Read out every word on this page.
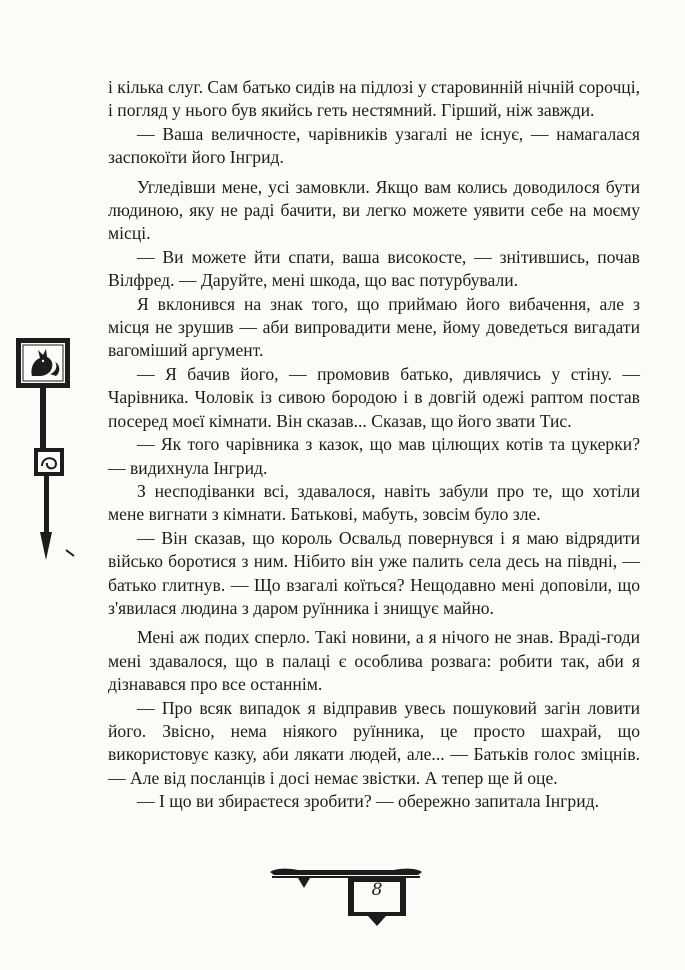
і кілька слуг. Сам батько сидів на підлозі у старовинній нічній сорочці, і погляд у нього був якийсь геть нестямний. Гірший, ніж завжди.

— Ваша величносте, чарівників узагалі не існує, — намагалася заспокоїти його Інгрид.

Угледівши мене, усі замовкли. Якщо вам колись доводилося бути людиною, яку не раді бачити, ви легко можете уявити себе на моєму місці.

— Ви можете йти спати, ваша високосте, — знітившись, почав Вілфред. — Даруйте, мені шкода, що вас потурбували.

Я вклонився на знак того, що приймаю його вибачення, але з місця не зрушив — аби випровадити мене, йому доведеться вигадати вагоміший аргумент.

— Я бачив його, — промовив батько, дивлячись у стіну. — Чарівника. Чоловік із сивою бородою і в довгій одежі раптом постав посеред моєї кімнати. Він сказав... Сказав, що його звати Тис.

— Як того чарівника з казок, що мав цілющих котів та цукерки? — видихнула Інгрид.

З несподіванки всі, здавалося, навіть забули про те, що хотіли мене вигнати з кімнати. Батькові, мабуть, зовсім було зле.

— Він сказав, що король Освальд повернувся і я маю відрядити військо боротися з ним. Нібито він уже палить села десь на півдні, — батько глитнув. — Що взагалі коїться? Нещодавно мені доповіли, що з'явилася людина з даром руїнника і знищує майно.

Мені аж подих сперло. Такі новини, а я нічого не знав. Враді-годи мені здавалося, що в палаці є особлива розвага: робити так, аби я дізнавався про все останнім.

— Про всяк випадок я відправив увесь пошуковий загін ловити його. Звісно, нема ніякого руїнника, це просто шахрай, що використовує казку, аби лякати людей, але... — Батьків голос зміцнів. — Але від посланців і досі немає звістки. А тепер ще й оце.

— І що ви збираєтеся зробити? — обережно запитала Інгрид.

8
